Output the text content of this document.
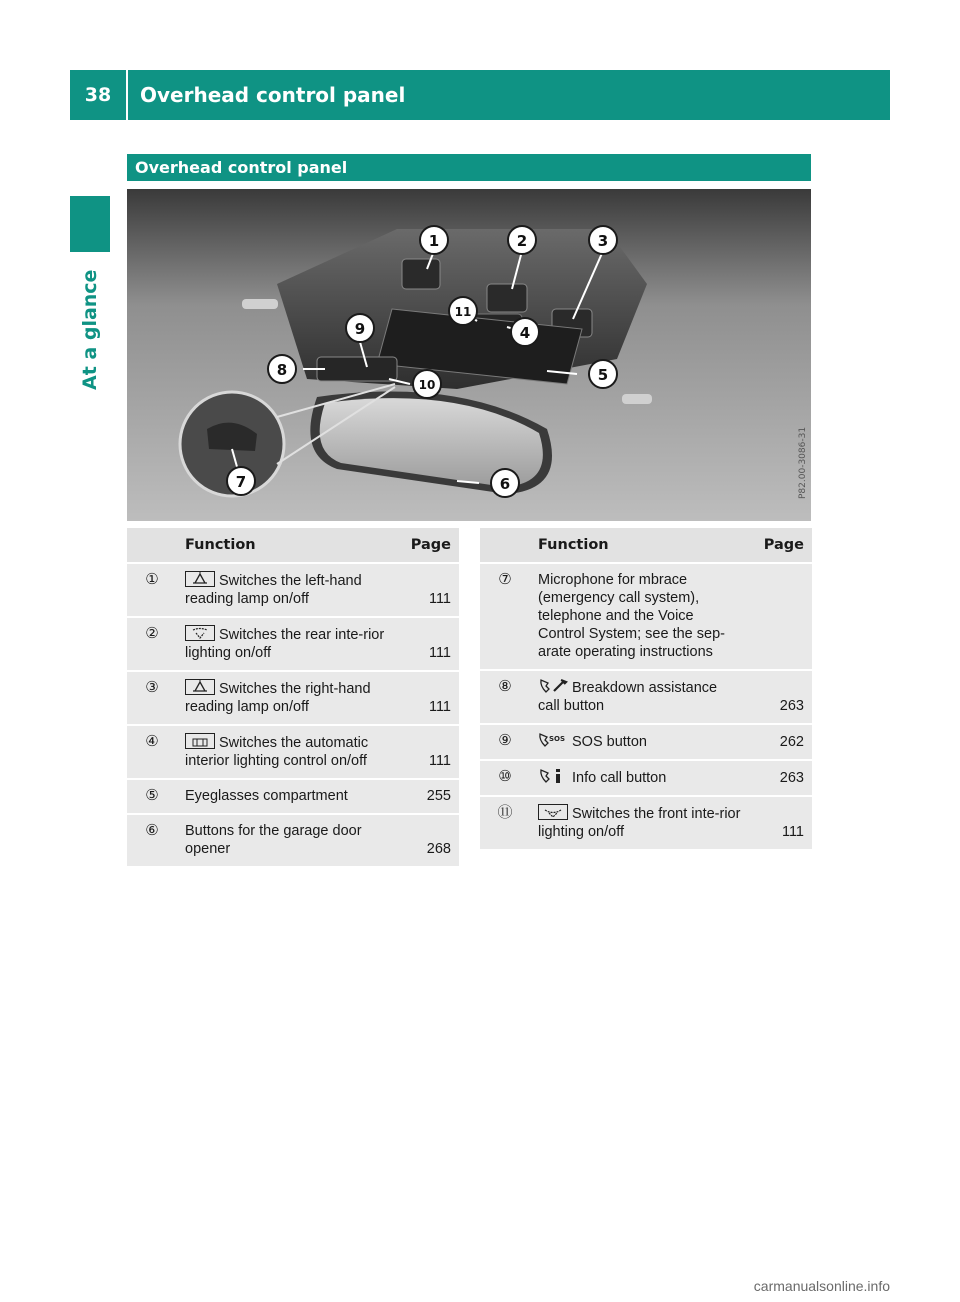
38	Overhead control panel
At a glance
Overhead control panel
1	2	3
4
5
6
7
8
9
10
11
P82.00-3086-31
	Function	Page
①	Switches the left-hand reading lamp on/off	111
②	Switches the rear inte-rior lighting on/off	111
③	Switches the right-hand reading lamp on/off	111
④	Switches the automatic interior lighting control on/off	111
⑤	Eyeglasses compartment	255
⑥	Buttons for the garage door opener	268
	Function	Page
⑦	Microphone for mbrace (emergency call system), telephone and the Voice Control System; see the sep-arate operating instructions	
⑧	Breakdown assistance call button	263
⑨	SOS SOS button	262
⑩	Info call button	263
⑪	Switches the front inte-rior lighting on/off	111
carmanualsonline.info
